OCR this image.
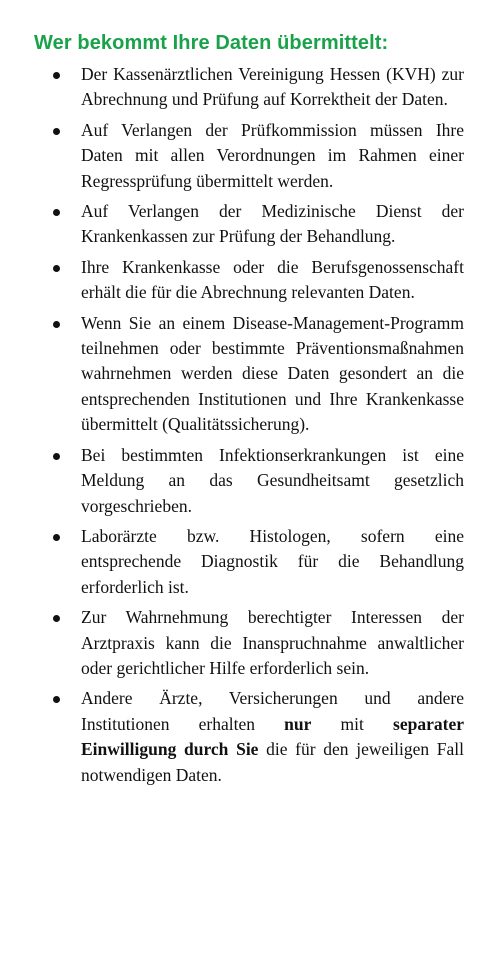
Wer bekommt Ihre Daten übermittelt:
Der Kassenärztlichen Vereinigung Hessen (KVH) zur Abrechnung und Prüfung auf Korrektheit der Daten.
Auf Verlangen der Prüfkommission müssen Ihre Daten mit allen Verordnungen im Rahmen einer Regressprüfung übermittelt werden.
Auf Verlangen der Medizinische Dienst der Krankenkassen zur Prüfung der Behandlung.
Ihre Krankenkasse oder die Berufsgenossenschaft erhält die für die Abrechnung relevanten Daten.
Wenn Sie an einem Disease-Management-Programm teilnehmen oder bestimmte Präventionsmaßnahmen wahrnehmen werden diese Daten gesondert an die entsprechenden Institutionen und Ihre Krankenkasse übermittelt (Qualitätssicherung).
Bei bestimmten Infektionserkrankungen ist eine Meldung an das Gesundheitsamt gesetzlich vorgeschrieben.
Laborärzte bzw. Histologen, sofern eine entsprechende Diagnostik für die Behandlung erforderlich ist.
Zur Wahrnehmung berechtigter Interessen der Arztpraxis kann die Inanspruchnahme anwaltlicher oder gerichtlicher Hilfe erforderlich sein.
Andere Ärzte, Versicherungen und andere Institutionen erhalten nur mit separater Einwilligung durch Sie die für den jeweiligen Fall notwendigen Daten.
